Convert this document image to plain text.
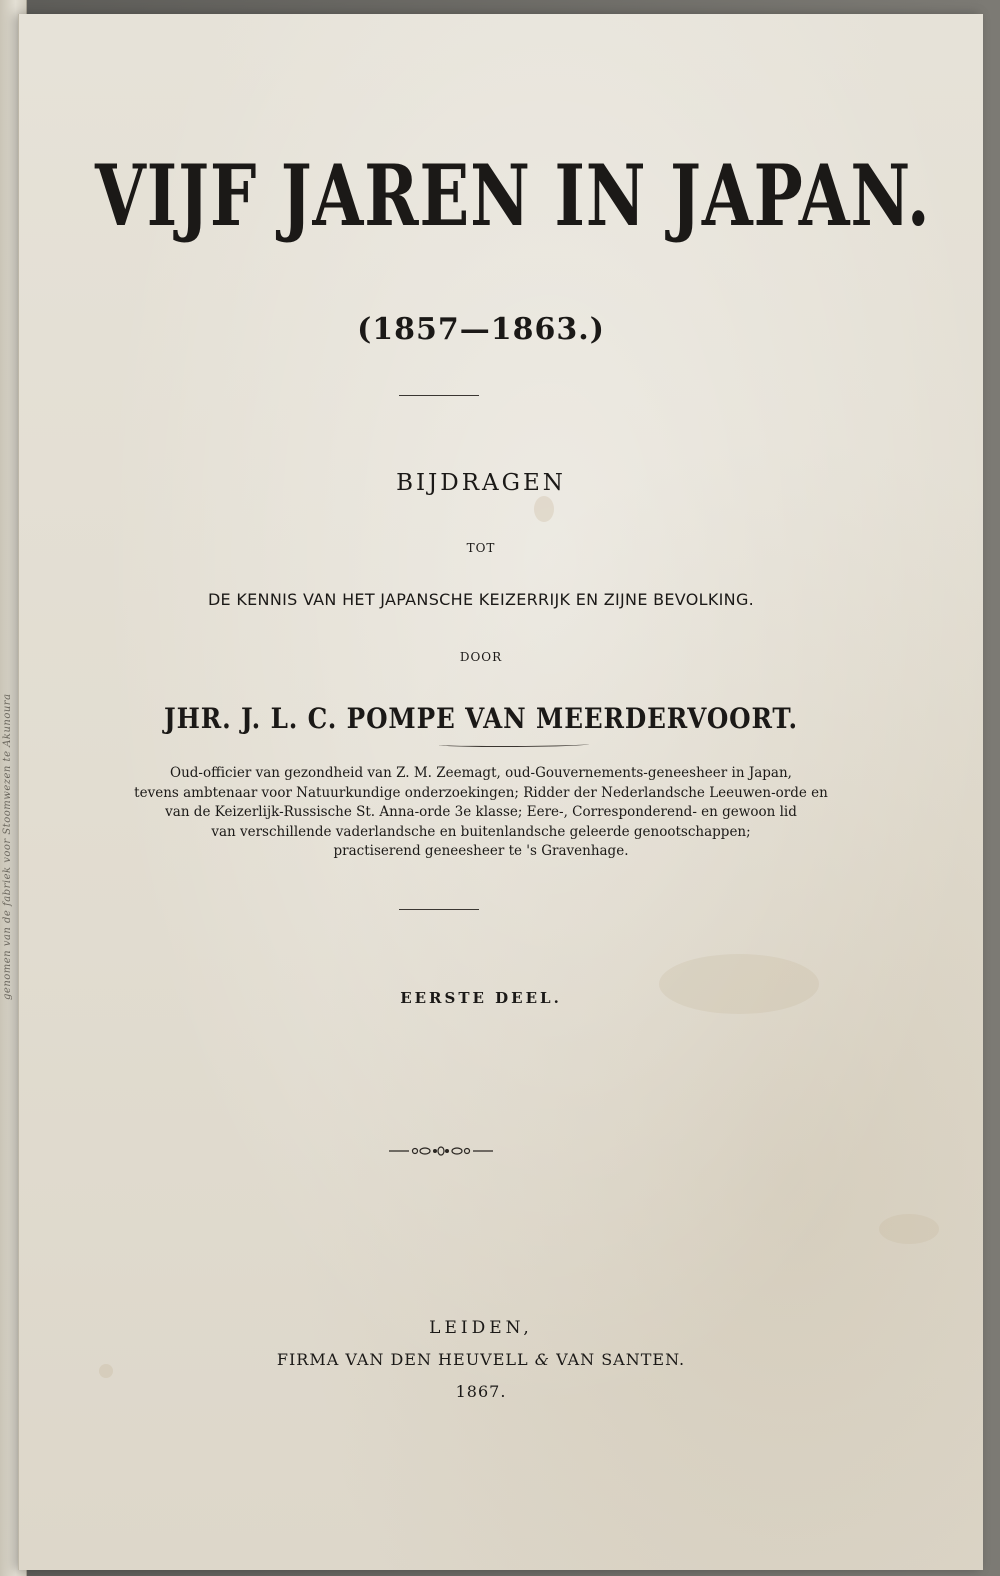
genomen van de fabriek voor Stoomwezen te Akunoura
VIJF JAREN IN JAPAN.
(1857—1863.)
BIJDRAGEN
TOT
DE KENNIS VAN HET JAPANSCHE KEIZERRIJK EN ZIJNE BEVOLKING.
DOOR
JHR. J. L. C. POMPE VAN MEERDERVOORT.
Oud-officier van gezondheid van Z. M. Zeemagt, oud-Gouvernements-geneesheer in Japan,
tevens ambtenaar voor Natuurkundige onderzoekingen; Ridder der Nederlandsche Leeuwen-orde en
van de Keizerlijk-Russische St. Anna-orde 3e klasse; Eere-, Corresponderend- en gewoon lid
van verschillende vaderlandsche en buitenlandsche geleerde genootschappen;
practiserend geneesheer te 's Gravenhage.
EERSTE DEEL.
LEIDEN,
FIRMA VAN DEN HEUVELL & VAN SANTEN.
1867.
